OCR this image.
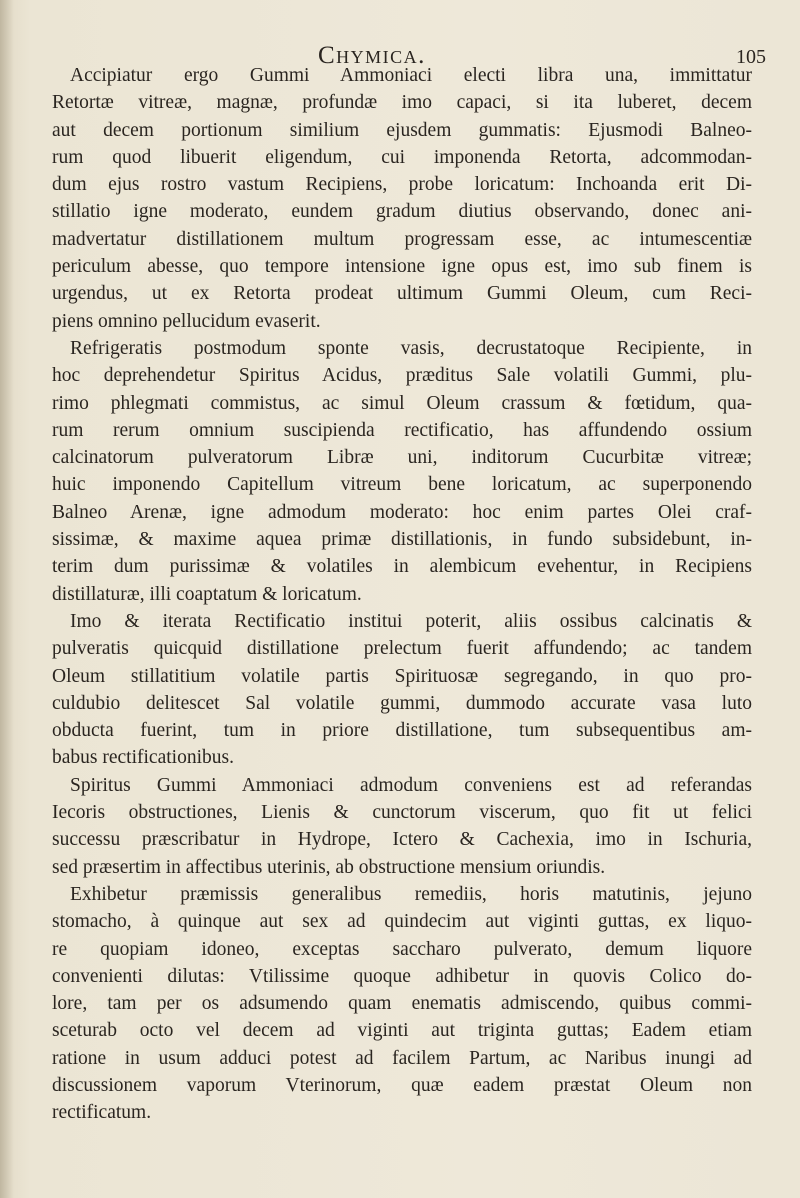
Chymica.	105
Accipiatur ergo Gummi Ammoniaci electi libra una, immittatur
Retortæ vitreæ, magnæ, profundæ imo capaci, si ita luberet, decem
aut decem portionum similium ejusdem gummatis: Ejusmodi Balneo-
rum quod libuerit eligendum, cui imponenda Retorta, adcommodan-
dum ejus rostro vastum Recipiens, probe loricatum: Inchoanda erit Di-
stillatio igne moderato, eundem gradum diutius observando, donec ani-
madvertatur distillationem multum progressam esse, ac intumescentiæ
periculum abesse, quo tempore intensione igne opus est, imo sub finem is
urgendus, ut ex Retorta prodeat ultimum Gummi Oleum, cum Reci-
piens omnino pellucidum evaserit.
Refrigeratis postmodum sponte vasis, decrustatoque Recipiente, in
hoc deprehendetur Spiritus Acidus, præditus Sale volatili Gummi, plu-
rimo phlegmati commistus, ac simul Oleum crassum & fœtidum, qua-
rum rerum omnium suscipienda rectificatio, has affundendo ossium
calcinatorum pulveratorum Libræ uni, inditorum Cucurbitæ vitreæ;
huic imponendo Capitellum vitreum bene loricatum, ac superponendo
Balneo Arenæ, igne admodum moderato: hoc enim partes Olei craf-
sissimæ, & maxime aquea primæ distillationis, in fundo subsidebunt, in-
terim dum purissimæ & volatiles in alembicum evehentur, in Recipiens
distillaturæ, illi coaptatum & loricatum.
Imo & iterata Rectificatio institui poterit, aliis ossibus calcinatis &
pulveratis quicquid distillatione prelectum fuerit affundendo; ac tandem
Oleum stillatitium volatile partis Spirituosæ segregando, in quo pro-
culdubio delitescet Sal volatile gummi, dummodo accurate vasa luto
obducta fuerint, tum in priore distillatione, tum subsequentibus am-
babus rectificationibus.
Spiritus Gummi Ammoniaci admodum conveniens est ad referandas
Iecoris obstructiones, Lienis & cunctorum viscerum, quo fit ut felici
successu præscribatur in Hydrope, Ictero & Cachexia, imo in Ischuria,
sed præsertim in affectibus uterinis, ab obstructione mensium oriundis.
Exhibetur præmissis generalibus remediis, horis matutinis, jejuno
stomacho, à quinque aut sex ad quindecim aut viginti guttas, ex liquo-
re quopiam idoneo, exceptas saccharo pulverato, demum liquore
convenienti dilutas: Vtilissime quoque adhibetur in quovis Colico do-
lore, tam per os adsumendo quam enematis admiscendo, quibus commi-
sceturab octo vel decem ad viginti aut triginta guttas; Eadem etiam
ratione in usum adduci potest ad facilem Partum, ac Naribus inungi ad
discussionem vaporum Vterinorum, quæ eadem præstat Oleum non
rectificatum.
